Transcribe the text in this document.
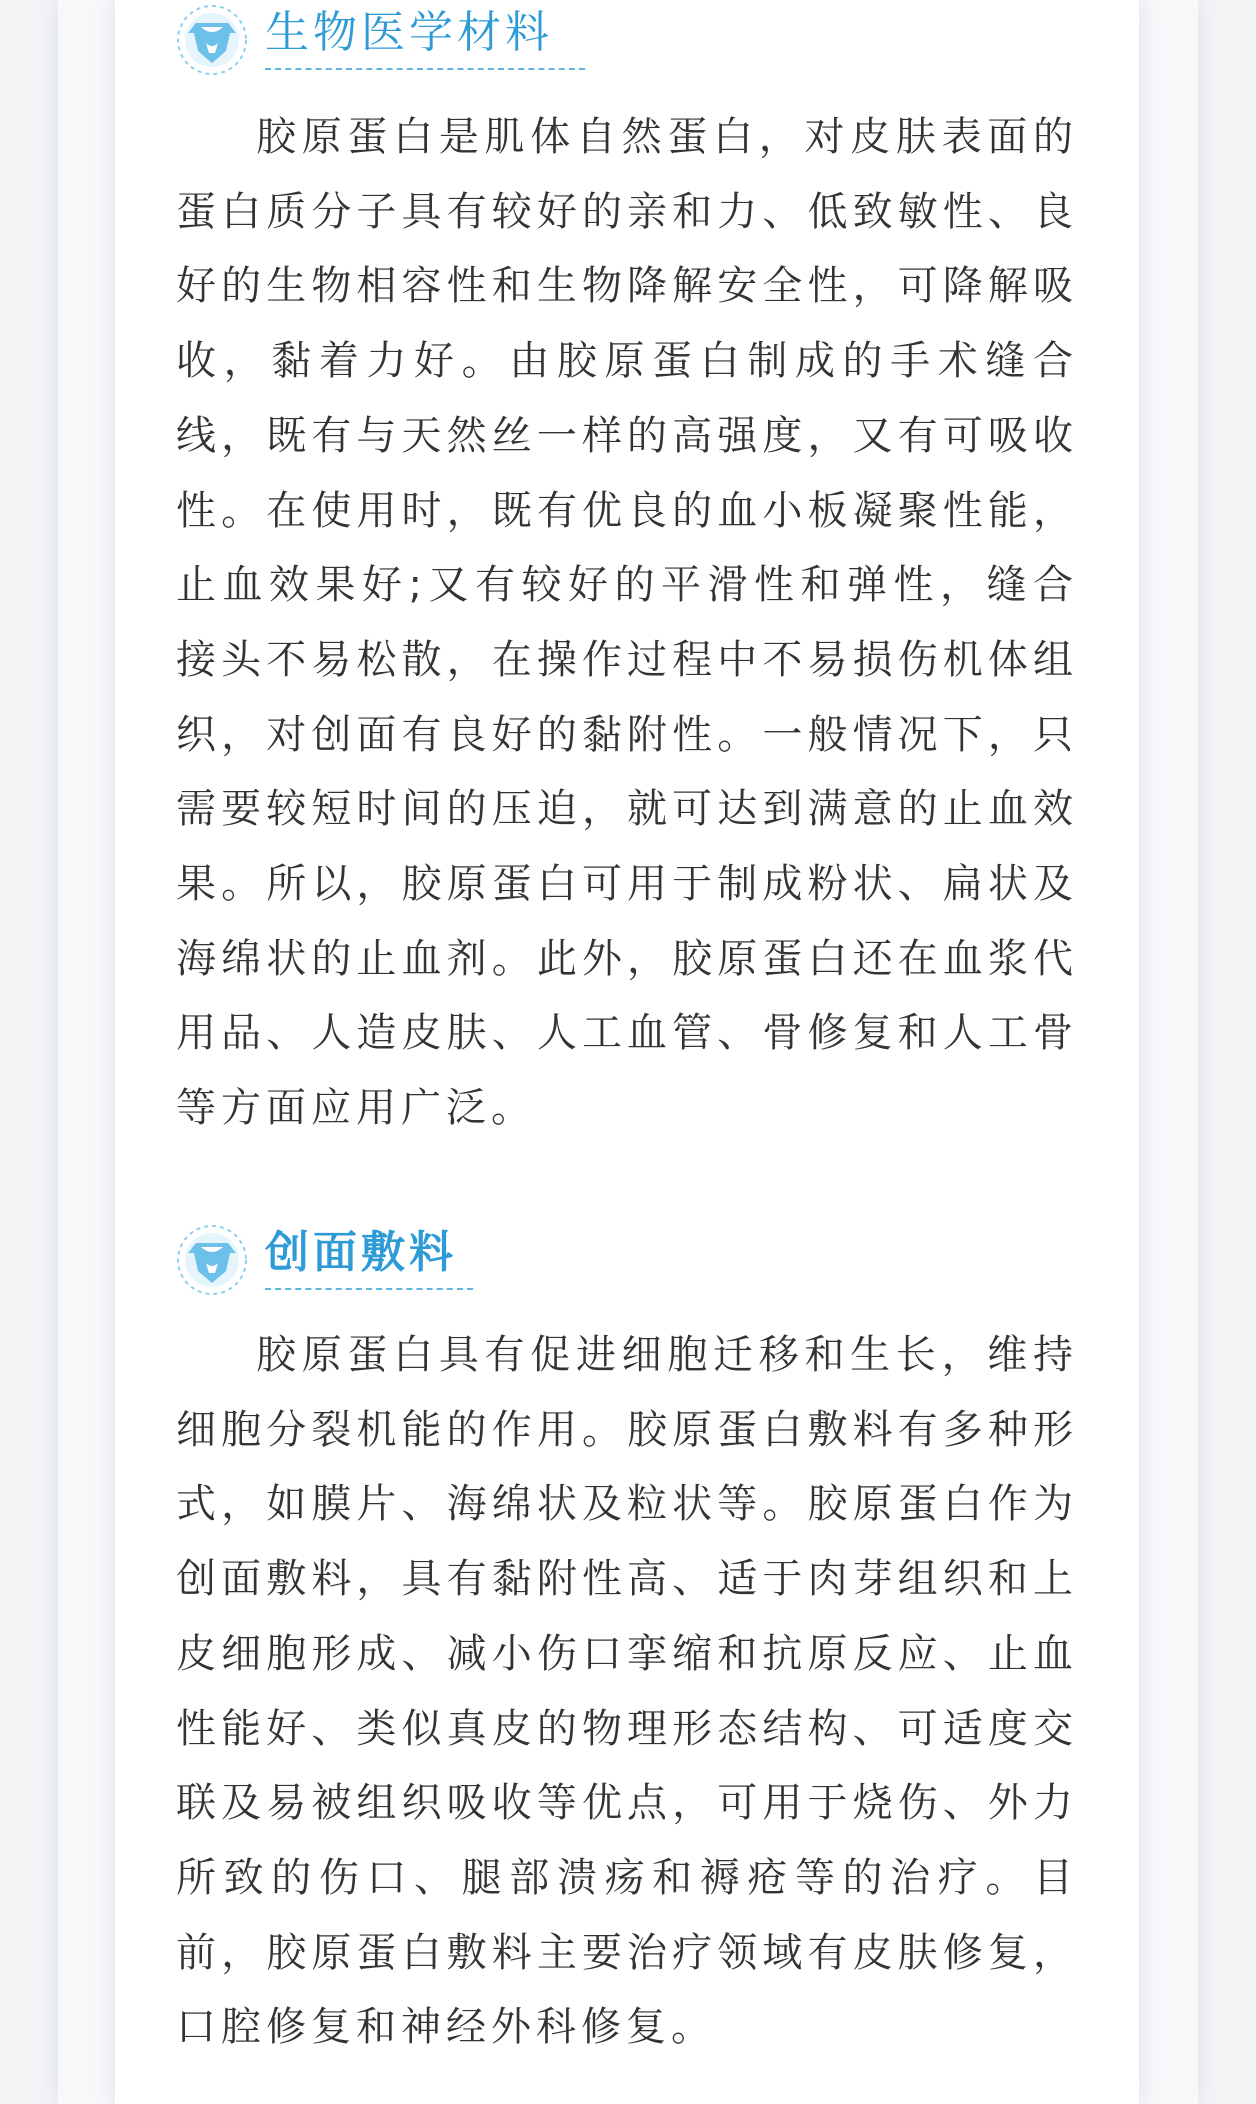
生物医学材料

胶原蛋白是肌体自然蛋白，对皮肤表面的蛋白质分子具有较好的亲和力、低致敏性、良好的生物相容性和生物降解安全性，可降解吸收，黏着力好。由胶原蛋白制成的手术缝合线，既有与天然丝一样的高强度，又有可吸收性。在使用时，既有优良的血小板凝聚性能，止血效果好;又有较好的平滑性和弹性，缝合接头不易松散，在操作过程中不易损伤机体组织，对创面有良好的黏附性。一般情况下，只需要较短时间的压迫，就可达到满意的止血效果。所以，胶原蛋白可用于制成粉状、扁状及海绵状的止血剂。此外，胶原蛋白还在血浆代用品、人造皮肤、人工血管、骨修复和人工骨等方面应用广泛。

创面敷料

胶原蛋白具有促进细胞迁移和生长，维持细胞分裂机能的作用。胶原蛋白敷料有多种形式，如膜片、海绵状及粒状等。胶原蛋白作为创面敷料，具有黏附性高、适于肉芽组织和上皮细胞形成、减小伤口挛缩和抗原反应、止血性能好、类似真皮的物理形态结构、可适度交联及易被组织吸收等优点，可用于烧伤、外力所致的伤口、腿部溃疡和褥疮等的治疗。目前，胶原蛋白敷料主要治疗领域有皮肤修复，口腔修复和神经外科修复。
